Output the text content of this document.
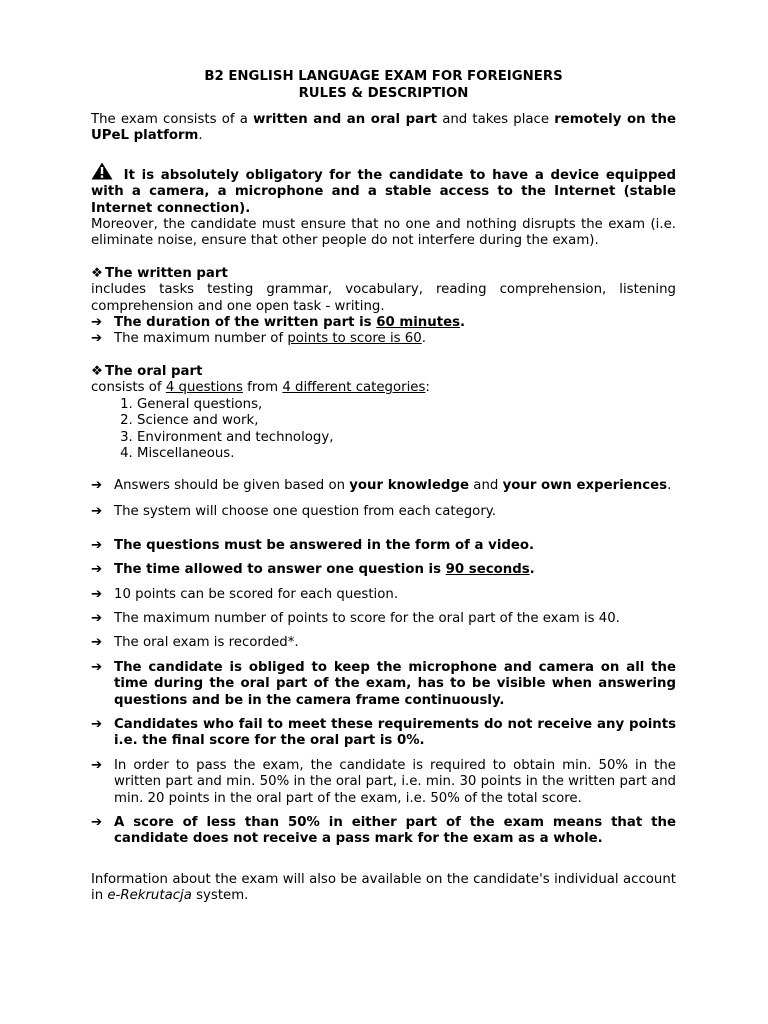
B2 ENGLISH LANGUAGE EXAM FOR FOREIGNERS
RULES & DESCRIPTION

The exam consists of a written and an oral part and takes place remotely on the UPeL platform.

It is absolutely obligatory for the candidate to have a device equipped with a camera, a microphone and a stable access to the Internet (stable Internet connection).

Moreover, the candidate must ensure that no one and nothing disrupts the exam (i.e. eliminate noise, ensure that other people do not interfere during the exam).

❖ The written part

includes tasks testing grammar, vocabulary, reading comprehension, listening comprehension and one open task - writing.

➔ The duration of the written part is 60 minutes.
➔ The maximum number of points to score is 60.
❖ The oral part

consists of 4 questions from 4 different categories:

1. General questions,
2. Science and work,
3. Environment and technology,
4. Miscellaneous.
➔ Answers should be given based on your knowledge and your own experiences.
➔ The system will choose one question from each category.
➔ The questions must be answered in the form of a video.
➔ The time allowed to answer one question is 90 seconds.
➔ 10 points can be scored for each question.
➔ The maximum number of points to score for the oral part of the exam is 40.
➔ The oral exam is recorded*.
➔ The candidate is obliged to keep the microphone and camera on all the time during the oral part of the exam, has to be visible when answering questions and be in the camera frame continuously.
➔ Candidates who fail to meet these requirements do not receive any points i.e. the final score for the oral part is 0%.
➔ In order to pass the exam, the candidate is required to obtain min. 50% in the written part and min. 50% in the oral part, i.e. min. 30 points in the written part and min. 20 points in the oral part of the exam, i.e. 50% of the total score.
➔ A score of less than 50% in either part of the exam means that the candidate does not receive a pass mark for the exam as a whole.

Information about the exam will also be available on the candidate's individual account in e-Rekrutacja system.
